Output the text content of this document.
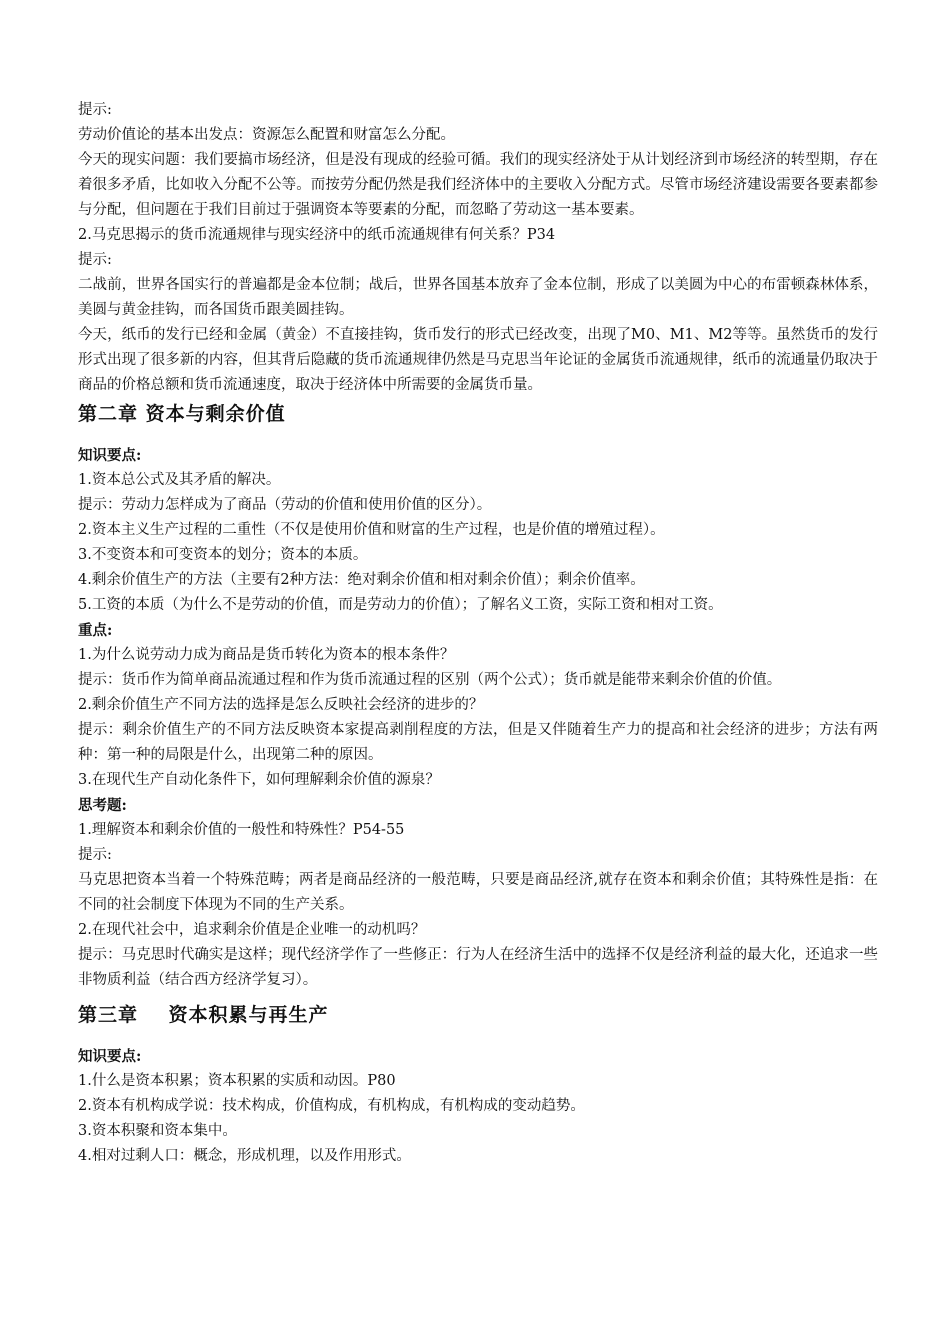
提示:

劳动价值论的基本出发点：资源怎么配置和财富怎么分配。

今天的现实问题：我们要搞市场经济，但是没有现成的经验可循。我们的现实经济处于从计划经济到市场经济的转型期，存在着很多矛盾，比如收入分配不公等。而按劳分配仍然是我们经济体中的主要收入分配方式。尽管市场经济建设需要各要素都参与分配，但问题在于我们目前过于强调资本等要素的分配，而忽略了劳动这一基本要素。

2.马克思揭示的货币流通规律与现实经济中的纸币流通规律有何关系？P34

提示:

二战前，世界各国实行的普遍都是金本位制；战后，世界各国基本放弃了金本位制，形成了以美圆为中心的布雷顿森林体系，美圆与黄金挂钩，而各国货币跟美圆挂钩。

今天，纸币的发行已经和金属（黄金）不直接挂钩，货币发行的形式已经改变，出现了M0、M1、M2等等。虽然货币的发行形式出现了很多新的内容，但其背后隐藏的货币流通规律仍然是马克思当年论证的金属货币流通规律，纸币的流通量仍取决于商品的价格总额和货币流通速度，取决于经济体中所需要的金属货币量。

第二章 资本与剩余价值

知识要点:

1.资本总公式及其矛盾的解决。

提示：劳动力怎样成为了商品（劳动的价值和使用价值的区分）。

2.资本主义生产过程的二重性（不仅是使用价值和财富的生产过程，也是价值的增殖过程）。

3.不变资本和可变资本的划分；资本的本质。

4.剩余价值生产的方法（主要有2种方法：绝对剩余价值和相对剩余价值）；剩余价值率。

5.工资的本质（为什么不是劳动的价值，而是劳动力的价值）；了解名义工资，实际工资和相对工资。

重点:

1.为什么说劳动力成为商品是货币转化为资本的根本条件？

提示：货币作为简单商品流通过程和作为货币流通过程的区别（两个公式）；货币就是能带来剩余价值的价值。

2.剩余价值生产不同方法的选择是怎么反映社会经济的进步的？

提示：剩余价值生产的不同方法反映资本家提高剥削程度的方法，但是又伴随着生产力的提高和社会经济的进步；方法有两种：第一种的局限是什么，出现第二种的原因。

3.在现代生产自动化条件下，如何理解剩余价值的源泉？

思考题:

1.理解资本和剩余价值的一般性和特殊性？P54-55

提示:

马克思把资本当着一个特殊范畴；两者是商品经济的一般范畴，只要是商品经济,就存在资本和剩余价值；其特殊性是指：在不同的社会制度下体现为不同的生产关系。

2.在现代社会中，追求剩余价值是企业唯一的动机吗？

提示：马克思时代确实是这样；现代经济学作了一些修正：行为人在经济生活中的选择不仅是经济利益的最大化，还追求一些非物质利益（结合西方经济学复习）。

第三章    资本积累与再生产

知识要点:

1.什么是资本积累；资本积累的实质和动因。P80

2.资本有机构成学说：技术构成，价值构成，有机构成，有机构成的变动趋势。

3.资本积聚和资本集中。

4.相对过剩人口：概念，形成机理，以及作用形式。
